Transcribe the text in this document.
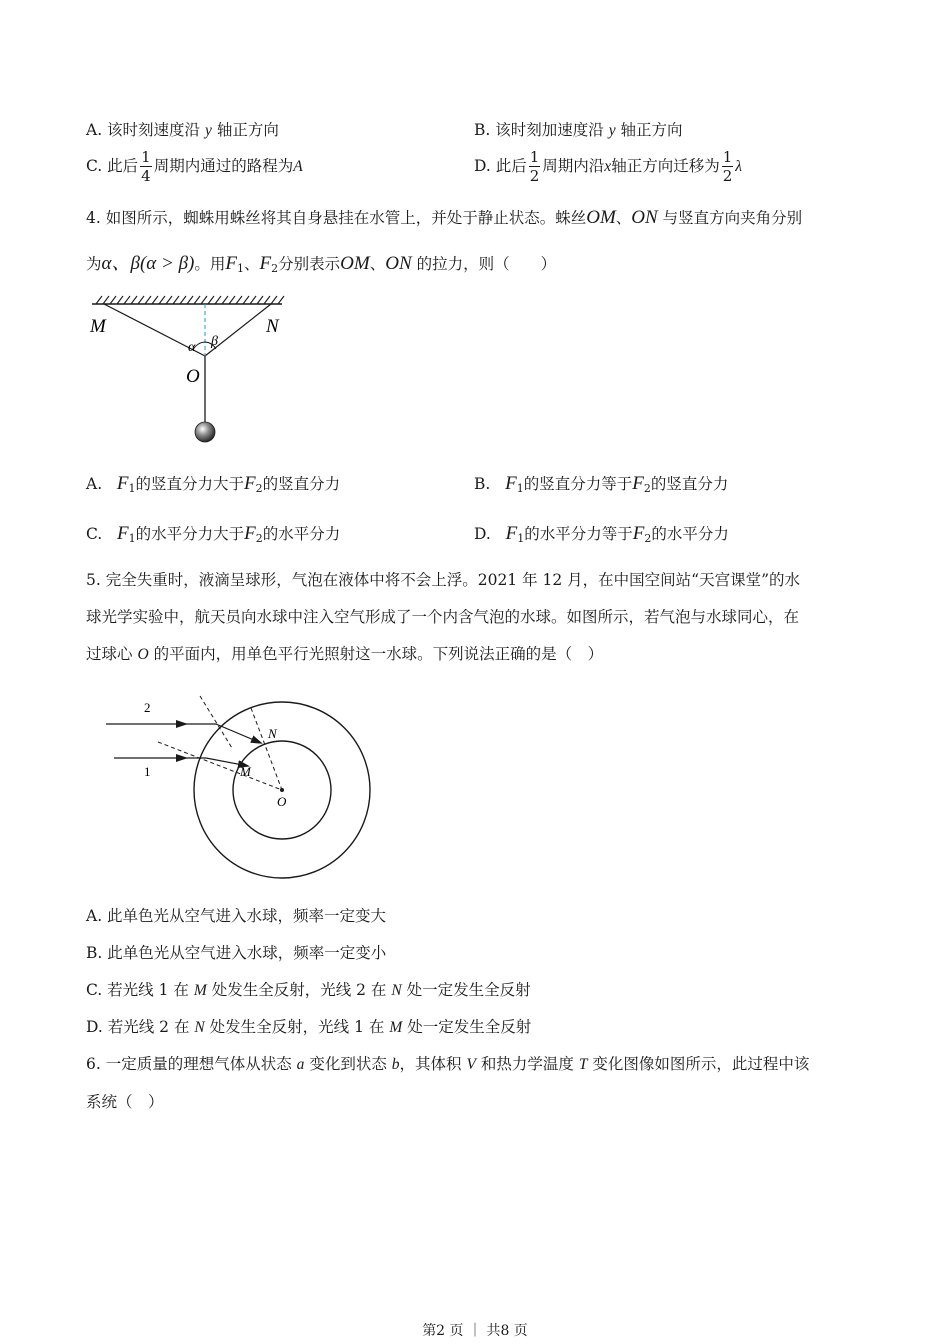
A. 该时刻速度沿 y 轴正方向	B. 该时刻加速度沿 y 轴正方向
C. 此后 $\frac{1}{4}$ 周期内通过的路程为A	D. 此后 $\frac{1}{2}$ 周期内沿x轴正方向迁移为 $\frac{1}{2}$ λ
4. 如图所示，蜘蛛用蛛丝将其自身悬挂在水管上，并处于静止状态。蛛丝OM、ON 与竖直方向夹角分别
为α、β(α > β)。用$F_1$、$F_2$分别表示OM、ON 的拉力，则（　　）
M	N
O
α β
A. $F_1$的竖直分力大于$F_2$的竖直分力	B. $F_1$的竖直分力等于$F_2$的竖直分力
C. $F_1$的水平分力大于$F_2$的水平分力	D. $F_1$的水平分力等于$F_2$的水平分力
5. 完全失重时，液滴呈球形，气泡在液体中将不会上浮。2021 年 12 月，在中国空间站“天宫课堂”的水
球光学实验中，航天员向水球中注入空气形成了一个内含气泡的水球。如图所示，若气泡与水球同心，在
过球心 O 的平面内，用单色平行光照射这一水球。下列说法正确的是（　）
2
1
N
M
O
A. 此单色光从空气进入水球，频率一定变大
B. 此单色光从空气进入水球，频率一定变小
C. 若光线 1 在 M 处发生全反射，光线 2 在 N 处一定发生全反射
D. 若光线 2 在 N 处发生全反射，光线 1 在 M 处一定发生全反射
6. 一定质量的理想气体从状态 a 变化到状态 b，其体积 V 和热力学温度 T 变化图像如图所示，此过程中该
系统（　）
第2 页 ｜ 共8 页
